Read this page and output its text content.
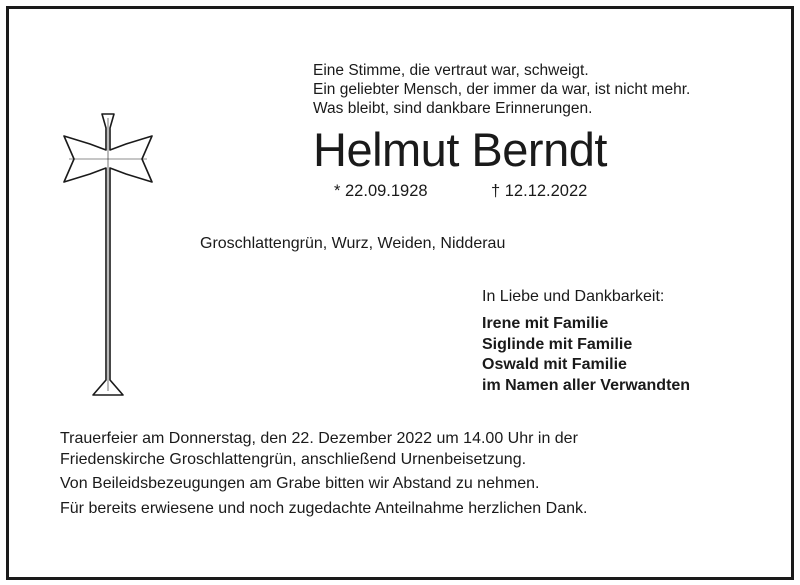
Eine Stimme, die vertraut war, schweigt.
Ein geliebter Mensch, der immer da war, ist nicht mehr.
Was bleibt, sind dankbare Erinnerungen.
Helmut Berndt
* 22.09.1928	† 12.12.2022
Groschlattengrün, Wurz, Weiden, Nidderau
In Liebe und Dankbarkeit:
Irene mit Familie
Siglinde mit Familie
Oswald mit Familie
im Namen aller Verwandten
Trauerfeier am Donnerstag, den 22. Dezember 2022 um 14.00 Uhr in der
Friedenskirche Groschlattengrün, anschließend Urnenbeisetzung.
Von Beileidsbezeugungen am Grabe bitten wir Abstand zu nehmen.
Für bereits erwiesene und noch zugedachte Anteilnahme herzlichen Dank.
